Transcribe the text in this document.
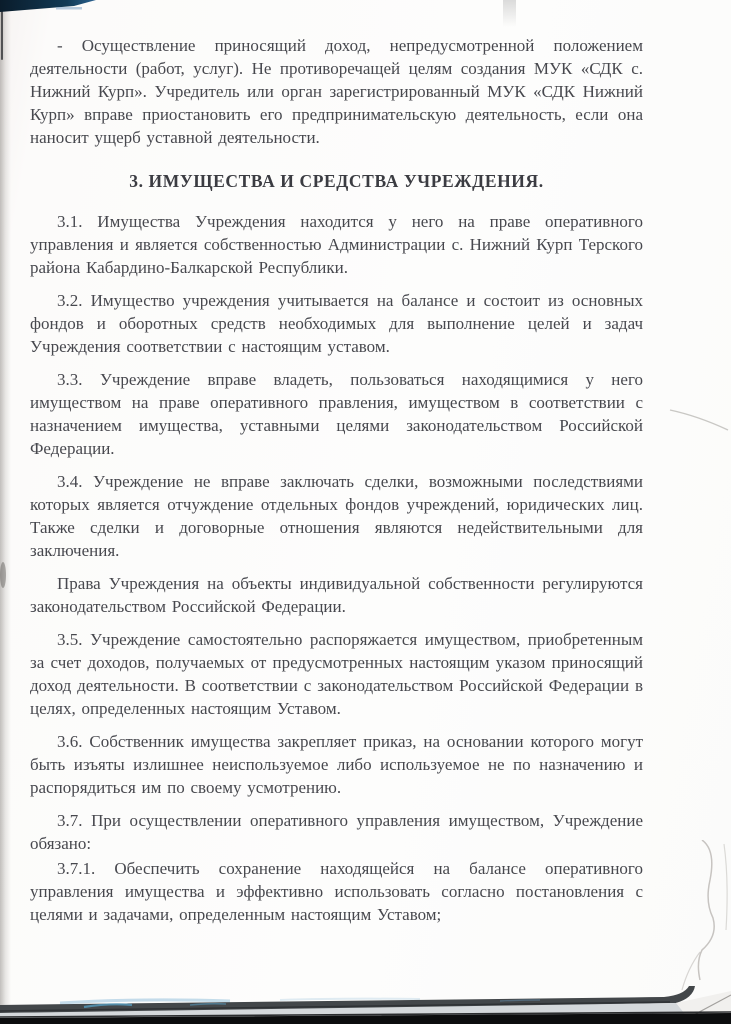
- Осуществление приносящий доход, непредусмотренной положением деятельности (работ, услуг). Не противоречащей целям создания МУК «СДК с. Нижний Курп». Учредитель или орган зарегистрированный МУК «СДК Нижний Курп» вправе приостановить его предпринимательскую деятельность, если она наносит ущерб уставной деятельности.

3. ИМУЩЕСТВА И СРЕДСТВА УЧРЕЖДЕНИЯ.

3.1. Имущества Учреждения находится у него на праве оперативного управления и является собственностью Администрации с. Нижний Курп Терского района Кабардино-Балкарской Республики.

3.2. Имущество учреждения учитывается на балансе и состоит из основных фондов и оборотных средств необходимых для выполнение целей и задач Учреждения соответствии с настоящим уставом.

3.3. Учреждение вправе владеть, пользоваться находящимися у него имуществом на праве оперативного правления, имуществом в соответствии с назначением имущества, уставными целями законодательством Российской Федерации.

3.4. Учреждение не вправе заключать сделки, возможными последствиями которых является отчуждение отдельных фондов учреждений, юридических лиц. Также сделки и договорные отношения являются недействительными для заключения.

Права Учреждения на объекты индивидуальной собственности регулируются законодательством Российской Федерации.

3.5. Учреждение самостоятельно распоряжается имуществом, приобретенным за счет доходов, получаемых от предусмотренных настоящим указом приносящий доход деятельности. В соответствии с законодательством Российской Федерации в целях, определенных настоящим Уставом.

3.6. Собственник имущества закрепляет приказ, на основании которого могут быть изъяты излишнее неиспользуемое либо используемое не по назначению и распорядиться им по своему усмотрению.

3.7. При осуществлении оперативного управления имуществом, Учреждение обязано:

3.7.1. Обеспечить сохранение находящейся на балансе оперативного управления имущества и эффективно использовать согласно постановления с целями и задачами, определенным настоящим Уставом;
